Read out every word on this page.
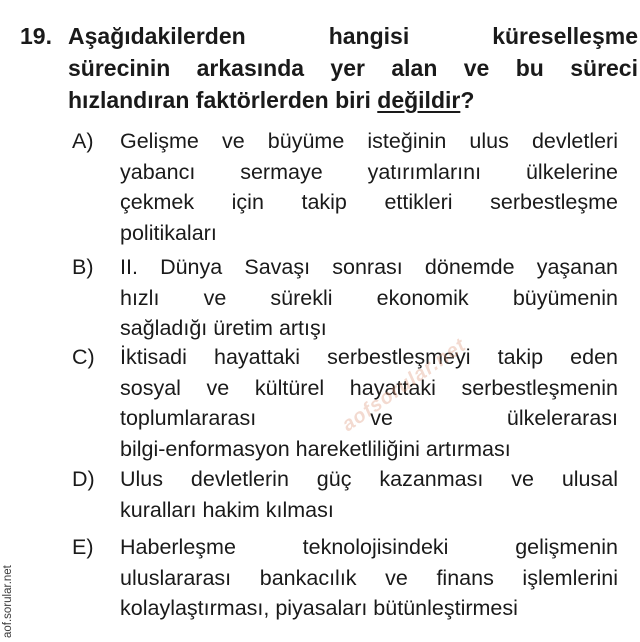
19. Aşağıdakilerden hangisi küreselleşme
sürecinin arkasında yer alan ve bu süreci
hızlandıran faktörlerden biri değildir?
A) Gelişme ve büyüme isteğinin ulus devletleri
yabancı sermaye yatırımlarını ülkelerine
çekmek için takip ettikleri serbestleşme
politikaları
B) II. Dünya Savaşı sonrası dönemde yaşanan
hızlı ve sürekli ekonomik büyümenin
sağladığı üretim artışı
C) İktisadi hayattaki serbestleşmeyi takip eden
sosyal ve kültürel hayattaki serbestleşmenin
toplumlararası ve ülkelerarası
bilgi-enformasyon hareketliliğini artırması
D) Ulus devletlerin güç kazanması ve ulusal
kuralları hakim kılması
E) Haberleşme teknolojisindeki gelişmenin
uluslararası bankacılık ve finans işlemlerini
kolaylaştırması, piyasaları bütünleştirmesi
aofsorular.net
aof.sorular.net
